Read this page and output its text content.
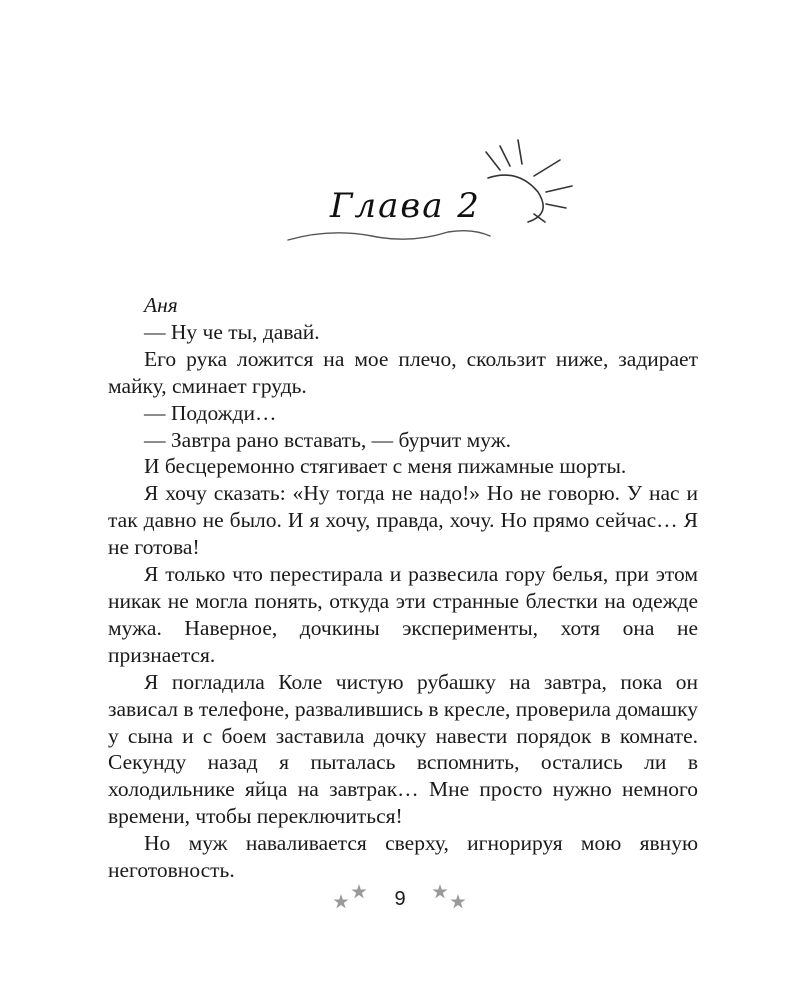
Глава 2

Аня

— Ну че ты, давай.

Его рука ложится на мое плечо, скользит ниже, задирает майку, сминает грудь.

— Подожди…

— Завтра рано вставать, — бурчит муж.

И бесцеремонно стягивает с меня пижамные шорты.

Я хочу сказать: «Ну тогда не надо!» Но не говорю. У нас и так давно не было. И я хочу, правда, хочу. Но прямо сейчас… Я не готова!

Я только что перестирала и развесила гору белья, при этом никак не могла понять, откуда эти странные блестки на одежде мужа. Наверное, дочкины эксперименты, хотя она не признается.

Я погладила Коле чистую рубашку на завтра, пока он зависал в телефоне, развалившись в кресле, проверила домашку у сына и с боем заставила дочку навести порядок в комнате. Секунду назад я пыталась вспомнить, остались ли в холодильнике яйца на завтрак… Мне просто нужно немного времени, чтобы переключиться!

Но муж наваливается сверху, игнорируя мою явную неготовность.

9
